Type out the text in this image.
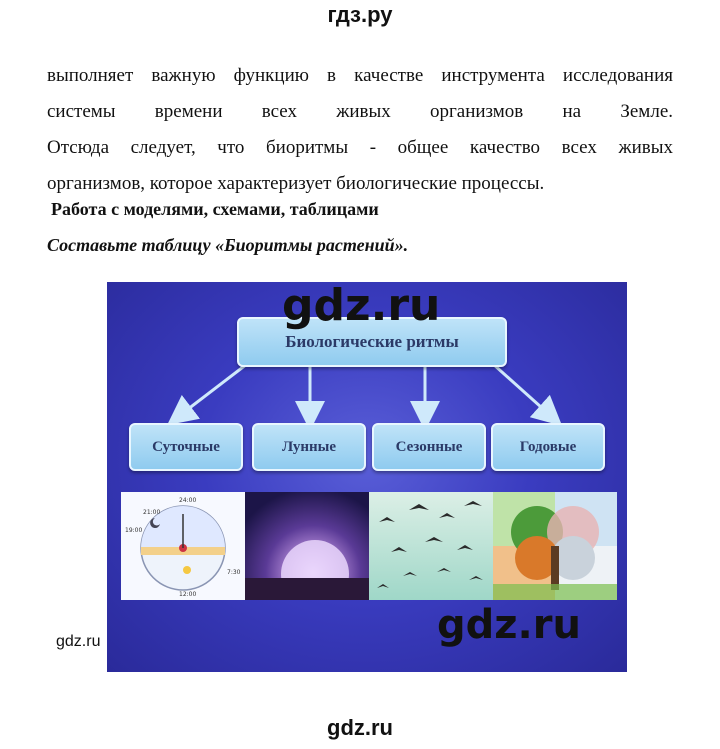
гдз.ру
выполняет важную функцию в качестве инструмента исследования
системы времени всех живых организмов на Земле.
Отсюда следует, что биоритмы - общее качество всех живых
организмов, которое характеризует биологические процессы.
Работа с моделями, схемами, таблицами
Составьте таблицу «Биоритмы растений».
Биологические ритмы
Суточные	Лунные	Сезонные	Годовые
24:00
21:00
19:00
7:30
12:00
gdz.ru
gdz.ru
gdz.ru
gdz.ru
